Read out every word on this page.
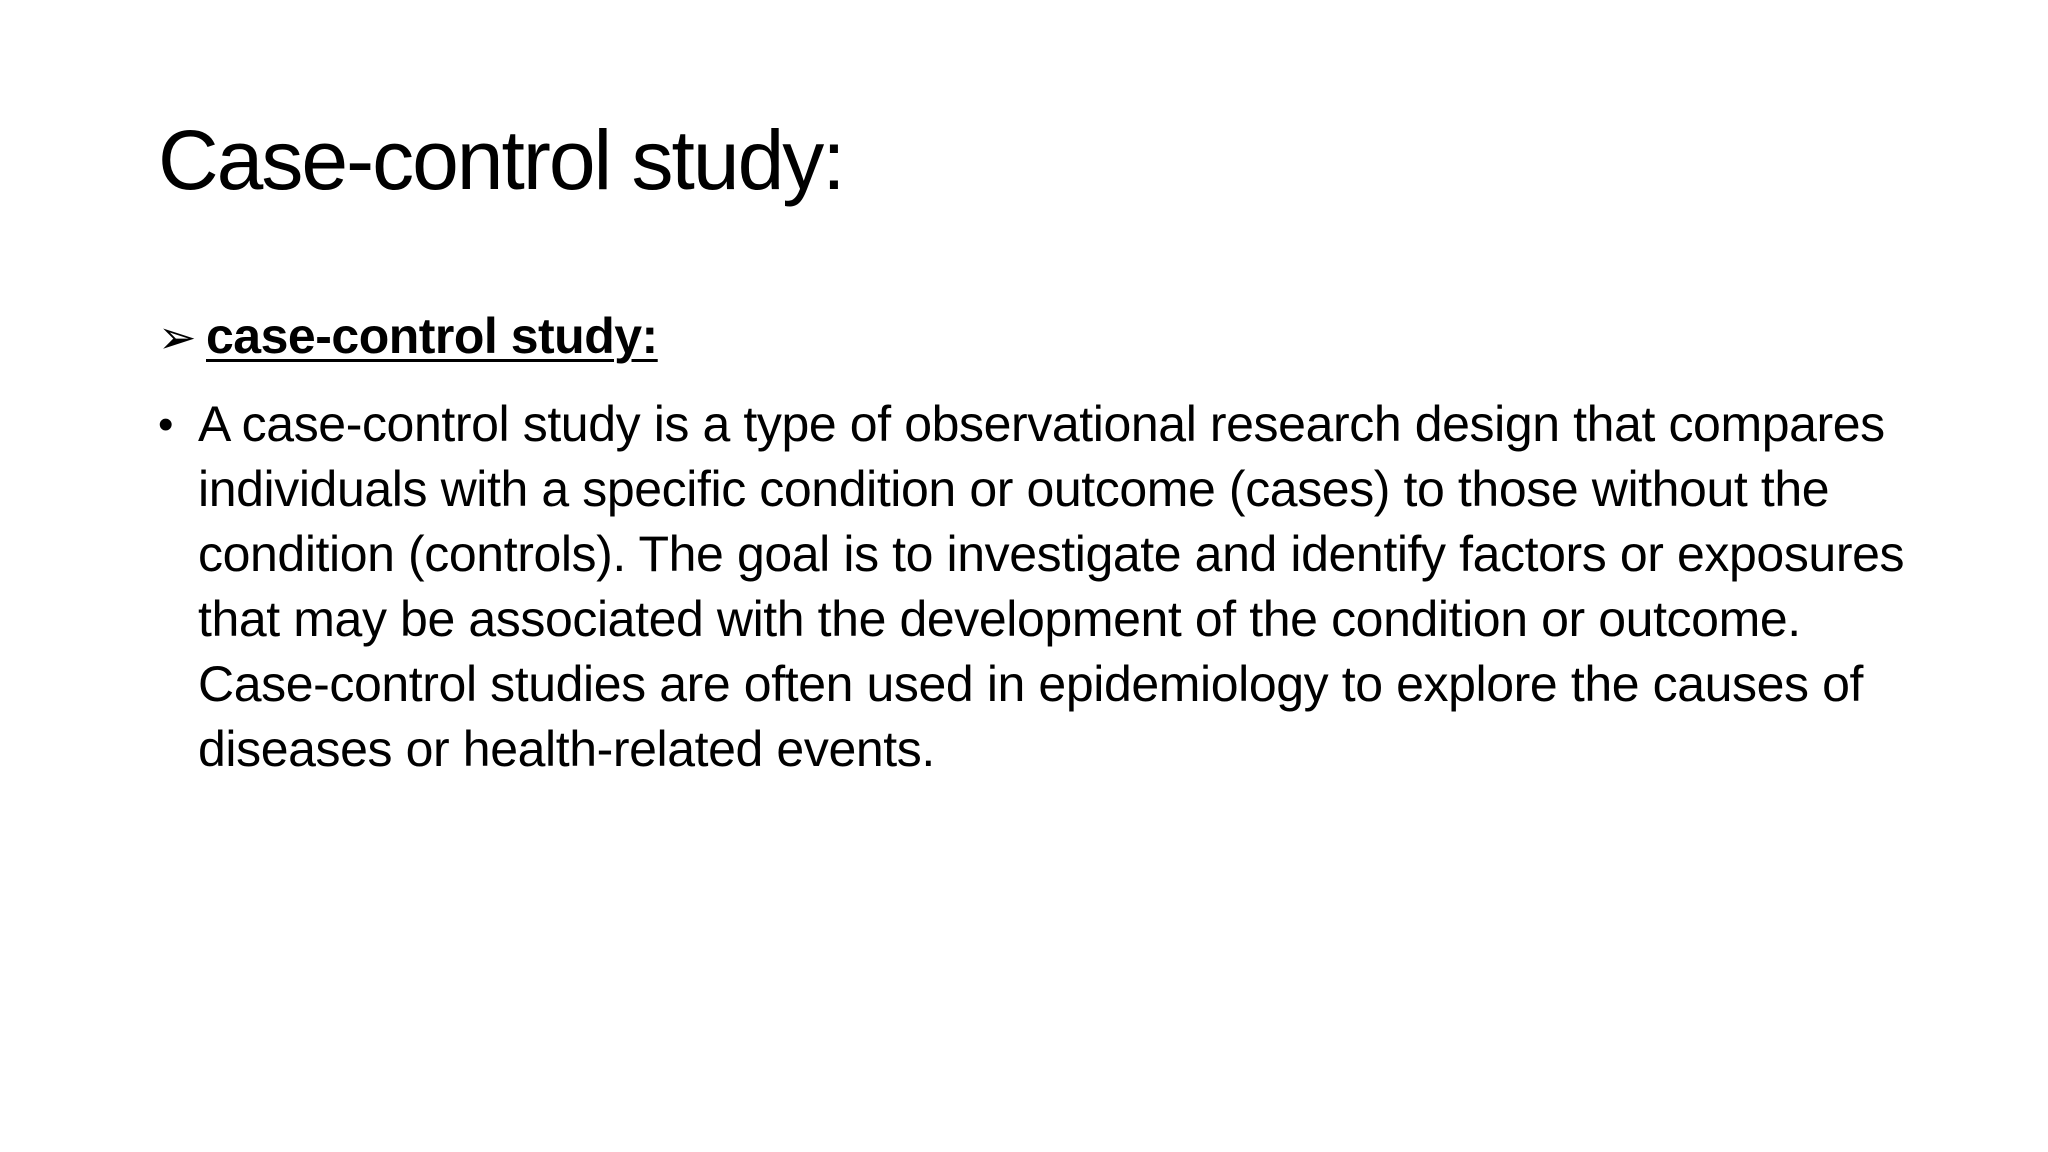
Case-control study:
➢ case-control study:
• A case-control study is a type of observational research design that compares individuals with a specific condition or outcome (cases) to those without the condition (controls). The goal is to investigate and identify factors or exposures that may be associated with the development of the condition or outcome. Case-control studies are often used in epidemiology to explore the causes of diseases or health-related events.
